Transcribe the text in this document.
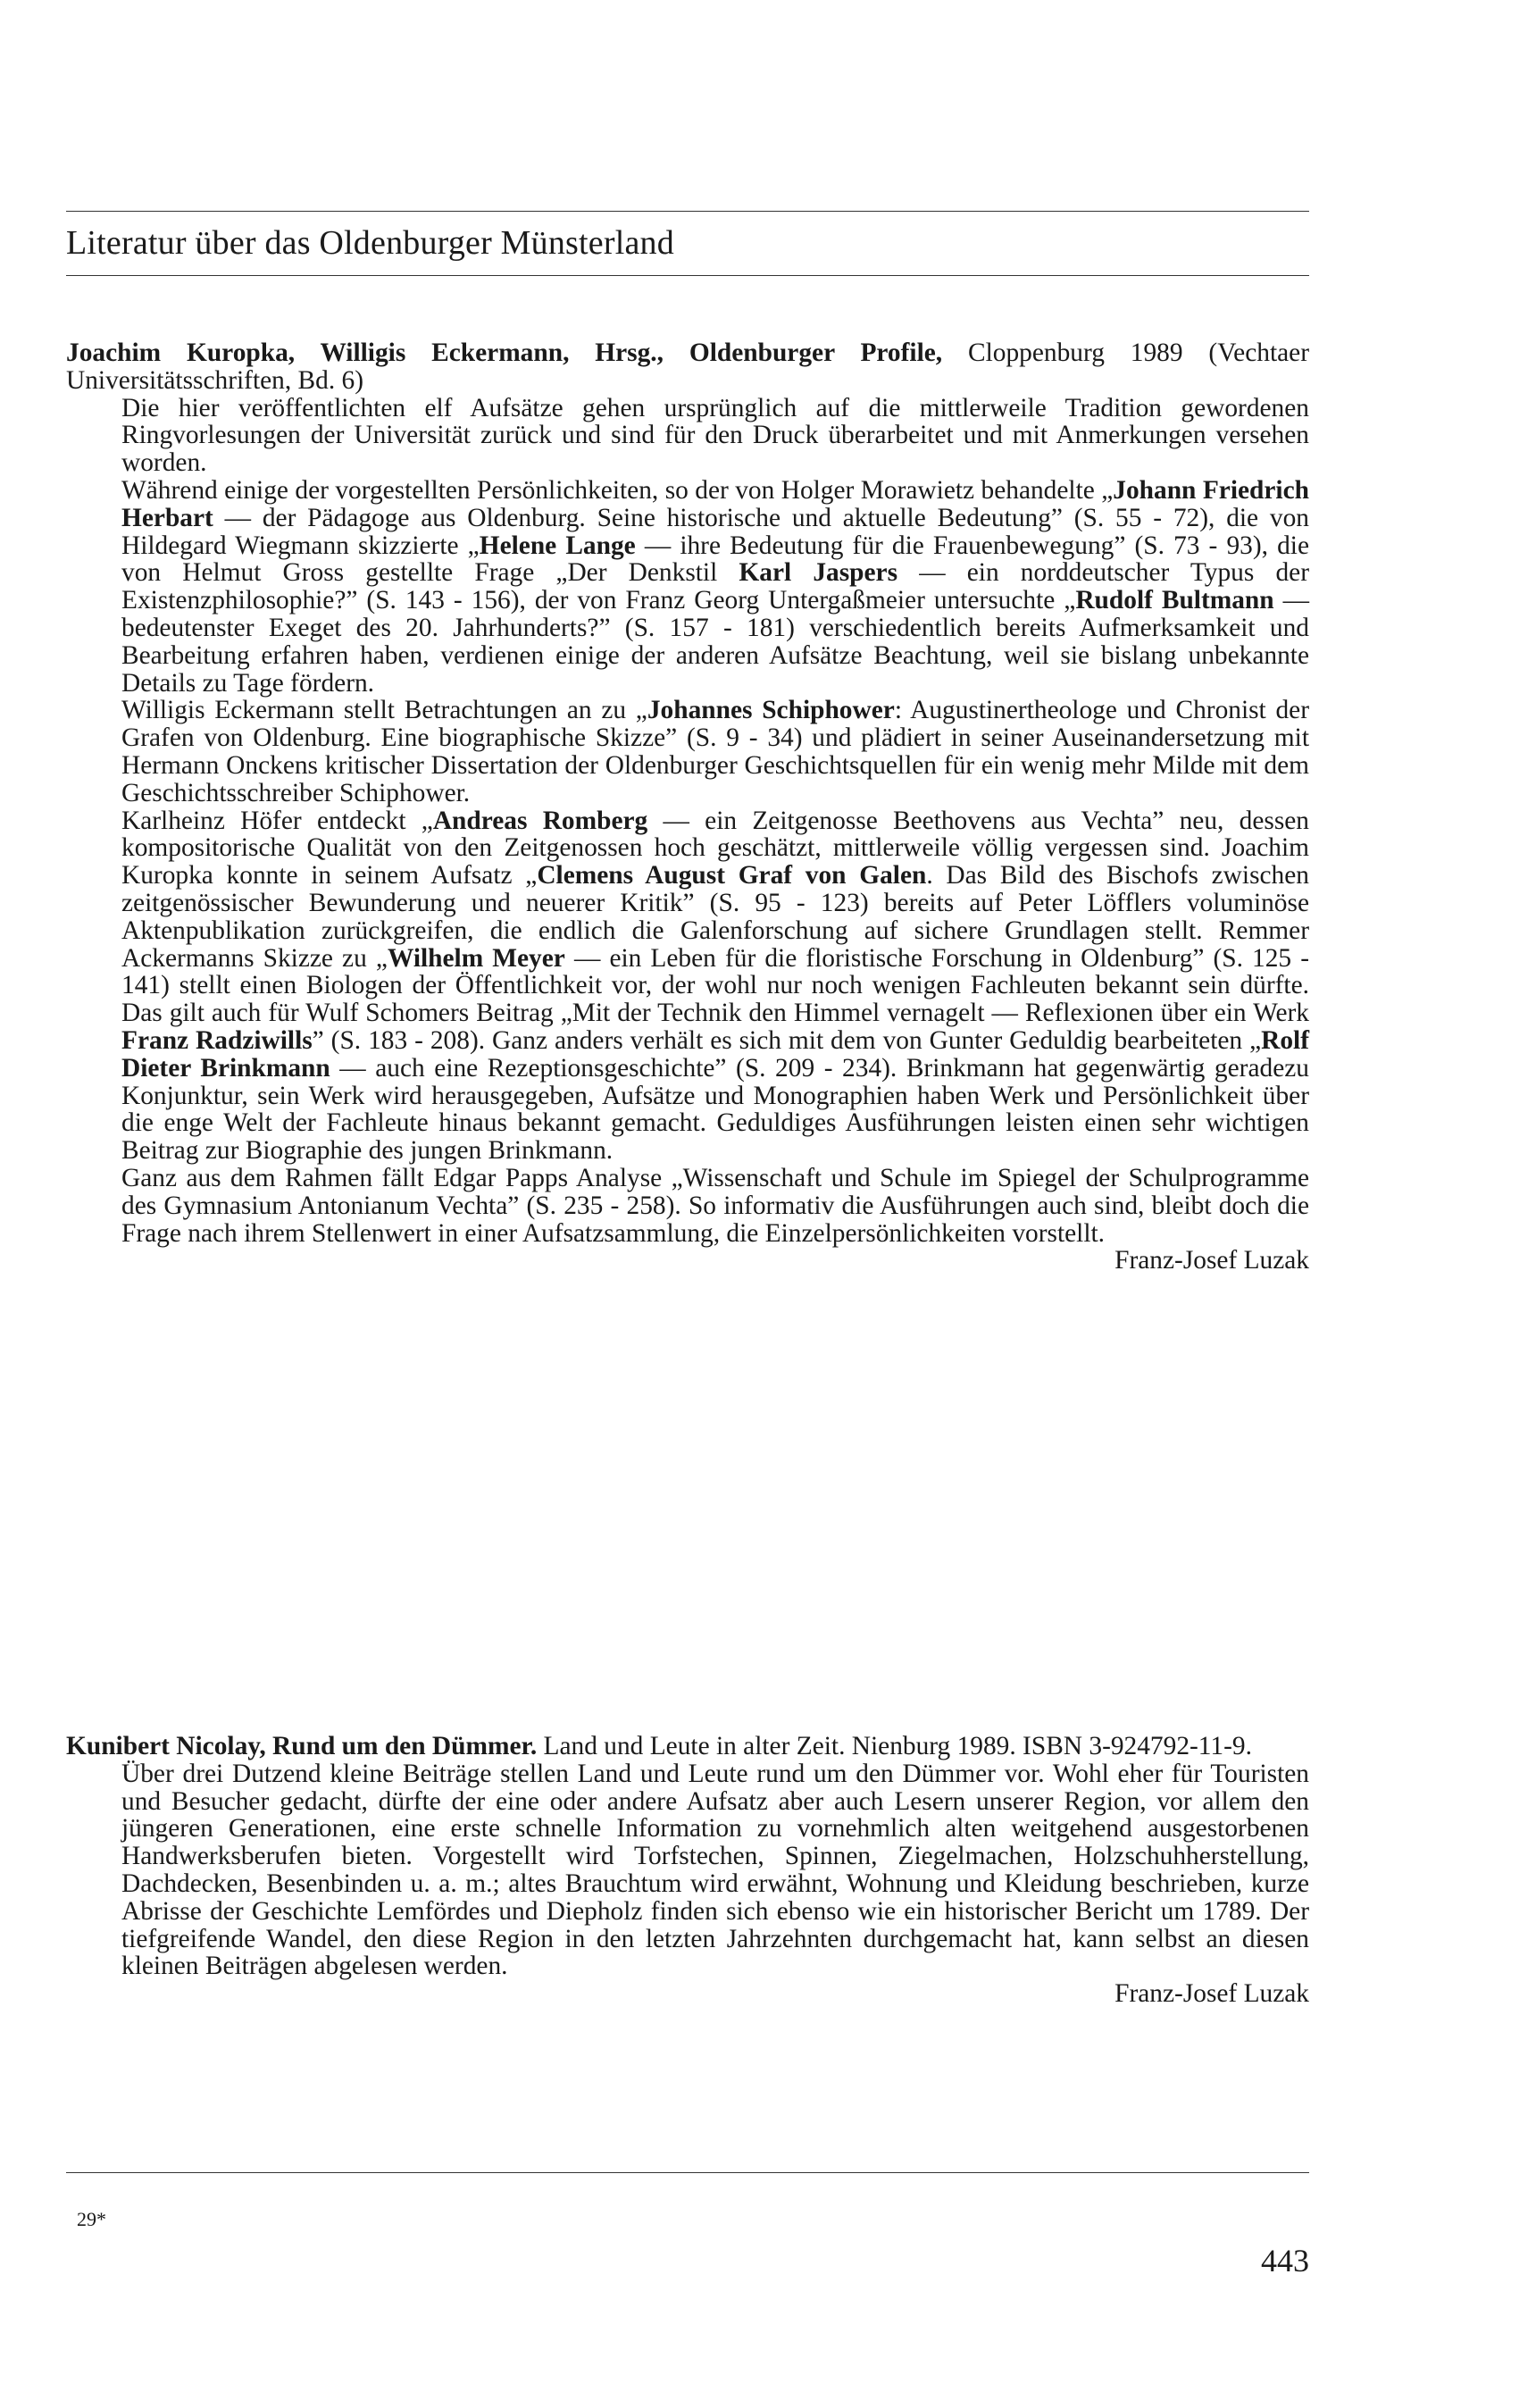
Literatur über das Oldenburger Münsterland

Joachim Kuropka, Willigis Eckermann, Hrsg., Oldenburger Profile, Cloppenburg 1989 (Vechtaer Universitätsschriften, Bd. 6)

Die hier veröffentlichten elf Aufsätze gehen ursprünglich auf die mittlerweile Tradition gewordenen Ringvorlesungen der Universität zurück und sind für den Druck überarbeitet und mit Anmerkungen versehen worden.

Während einige der vorgestellten Persönlichkeiten, so der von Holger Morawietz behandelte „Johann Friedrich Herbart — der Pädagoge aus Oldenburg. Seine historische und aktuelle Bedeutung” (S. 55 - 72), die von Hildegard Wiegmann skizzierte „Helene Lange — ihre Bedeutung für die Frauenbewegung” (S. 73 - 93), die von Helmut Gross gestellte Frage „Der Denkstil Karl Jaspers — ein norddeutscher Typus der Existenzphilosophie?” (S. 143 - 156), der von Franz Georg Untergaßmeier untersuchte „Rudolf Bultmann — bedeutenster Exeget des 20. Jahrhunderts?” (S. 157 - 181) verschiedentlich bereits Aufmerksamkeit und Bearbeitung erfahren haben, verdienen einige der anderen Aufsätze Beachtung, weil sie bislang unbekannte Details zu Tage fördern.

Willigis Eckermann stellt Betrachtungen an zu „Johannes Schiphower: Augustinertheologe und Chronist der Grafen von Oldenburg. Eine biographische Skizze” (S. 9 - 34) und plädiert in seiner Auseinandersetzung mit Hermann Onckens kritischer Dissertation der Oldenburger Geschichtsquellen für ein wenig mehr Milde mit dem Geschichtsschreiber Schiphower.

Karlheinz Höfer entdeckt „Andreas Romberg — ein Zeitgenosse Beethovens aus Vechta” neu, dessen kompositorische Qualität von den Zeitgenossen hoch geschätzt, mittlerweile völlig vergessen sind. Joachim Kuropka konnte in seinem Aufsatz „Clemens August Graf von Galen. Das Bild des Bischofs zwischen zeitgenössischer Bewunderung und neuerer Kritik” (S. 95 - 123) bereits auf Peter Löfflers voluminöse Aktenpublikation zurückgreifen, die endlich die Galenforschung auf sichere Grundlagen stellt. Remmer Ackermanns Skizze zu „Wilhelm Meyer — ein Leben für die floristische Forschung in Oldenburg” (S. 125 - 141) stellt einen Biologen der Öffentlichkeit vor, der wohl nur noch wenigen Fachleuten bekannt sein dürfte. Das gilt auch für Wulf Schomers Beitrag „Mit der Technik den Himmel vernagelt — Reflexionen über ein Werk Franz Radziwills” (S. 183 - 208). Ganz anders verhält es sich mit dem von Gunter Geduldig bearbeiteten „Rolf Dieter Brinkmann — auch eine Rezeptionsgeschichte” (S. 209 - 234). Brinkmann hat gegenwärtig geradezu Konjunktur, sein Werk wird herausgegeben, Aufsätze und Monographien haben Werk und Persönlichkeit über die enge Welt der Fachleute hinaus bekannt gemacht. Geduldiges Ausführungen leisten einen sehr wichtigen Beitrag zur Biographie des jungen Brinkmann.

Ganz aus dem Rahmen fällt Edgar Papps Analyse „Wissenschaft und Schule im Spiegel der Schulprogramme des Gymnasium Antonianum Vechta” (S. 235 - 258). So informativ die Ausführungen auch sind, bleibt doch die Frage nach ihrem Stellenwert in einer Aufsatzsammlung, die Einzelpersönlichkeiten vorstellt.

Franz-Josef Luzak

Kunibert Nicolay, Rund um den Dümmer. Land und Leute in alter Zeit. Nienburg 1989. ISBN 3-924792-11-9.

Über drei Dutzend kleine Beiträge stellen Land und Leute rund um den Dümmer vor. Wohl eher für Touristen und Besucher gedacht, dürfte der eine oder andere Aufsatz aber auch Lesern unserer Region, vor allem den jüngeren Generationen, eine erste schnelle Information zu vornehmlich alten weitgehend ausgestorbenen Handwerksberufen bieten. Vorgestellt wird Torfstechen, Spinnen, Ziegelmachen, Holzschuhherstellung, Dachdecken, Besenbinden u. a. m.; altes Brauchtum wird erwähnt, Wohnung und Kleidung beschrieben, kurze Abrisse der Geschichte Lemfördes und Diepholz finden sich ebenso wie ein historischer Bericht um 1789. Der tiefgreifende Wandel, den diese Region in den letzten Jahrzehnten durchgemacht hat, kann selbst an diesen kleinen Beiträgen abgelesen werden.

Franz-Josef Luzak

29*
443
